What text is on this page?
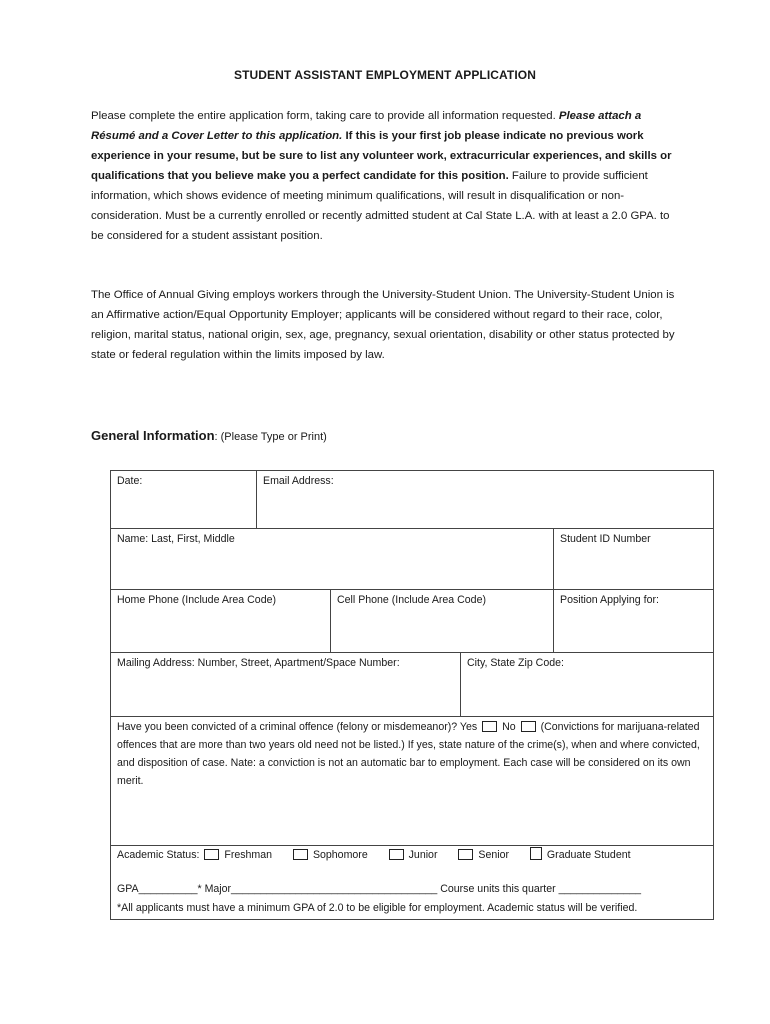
STUDENT ASSISTANT EMPLOYMENT APPLICATION
Please complete the entire application form, taking care to provide all information requested. Please attach a Résumé and a Cover Letter to this application. If this is your first job please indicate no previous work experience in your resume, but be sure to list any volunteer work, extracurricular experiences, and skills or qualifications that you believe make you a perfect candidate for this position. Failure to provide sufficient information, which shows evidence of meeting minimum qualifications, will result in disqualification or non-consideration. Must be a currently enrolled or recently admitted student at Cal State L.A. with at least a 2.0 GPA. to be considered for a student assistant position.
The Office of Annual Giving employs workers through the University-Student Union. The University-Student Union is an Affirmative action/Equal Opportunity Employer; applicants will be considered without regard to their race, color, religion, marital status, national origin, sex, age, pregnancy, sexual orientation, disability or other status protected by state or federal regulation within the limits imposed by law.
General Information: (Please Type or Print)
Date:	Email Address:
Name: Last, First, Middle	Student ID Number
Home Phone (Include Area Code)	Cell Phone (Include Area Code)	Position Applying for:
Mailing Address: Number, Street, Apartment/Space Number:	City, State Zip Code:
Have you been convicted of a criminal offence (felony or misdemeanor)? Yes No (Convictions for marijuana-related offences that are more than two years old need not be listed.) If yes, state nature of the crime(s), when and where convicted, and disposition of case. Nate: a conviction is not an automatic bar to employment. Each case will be considered on its own merit.
Academic Status: Freshman	Sophomore	Junior	Senior	Graduate Student
GPA__________* Major___________________________________ Course units this quarter ______________
*All applicants must have a minimum GPA of 2.0 to be eligible for employment. Academic status will be verified.
